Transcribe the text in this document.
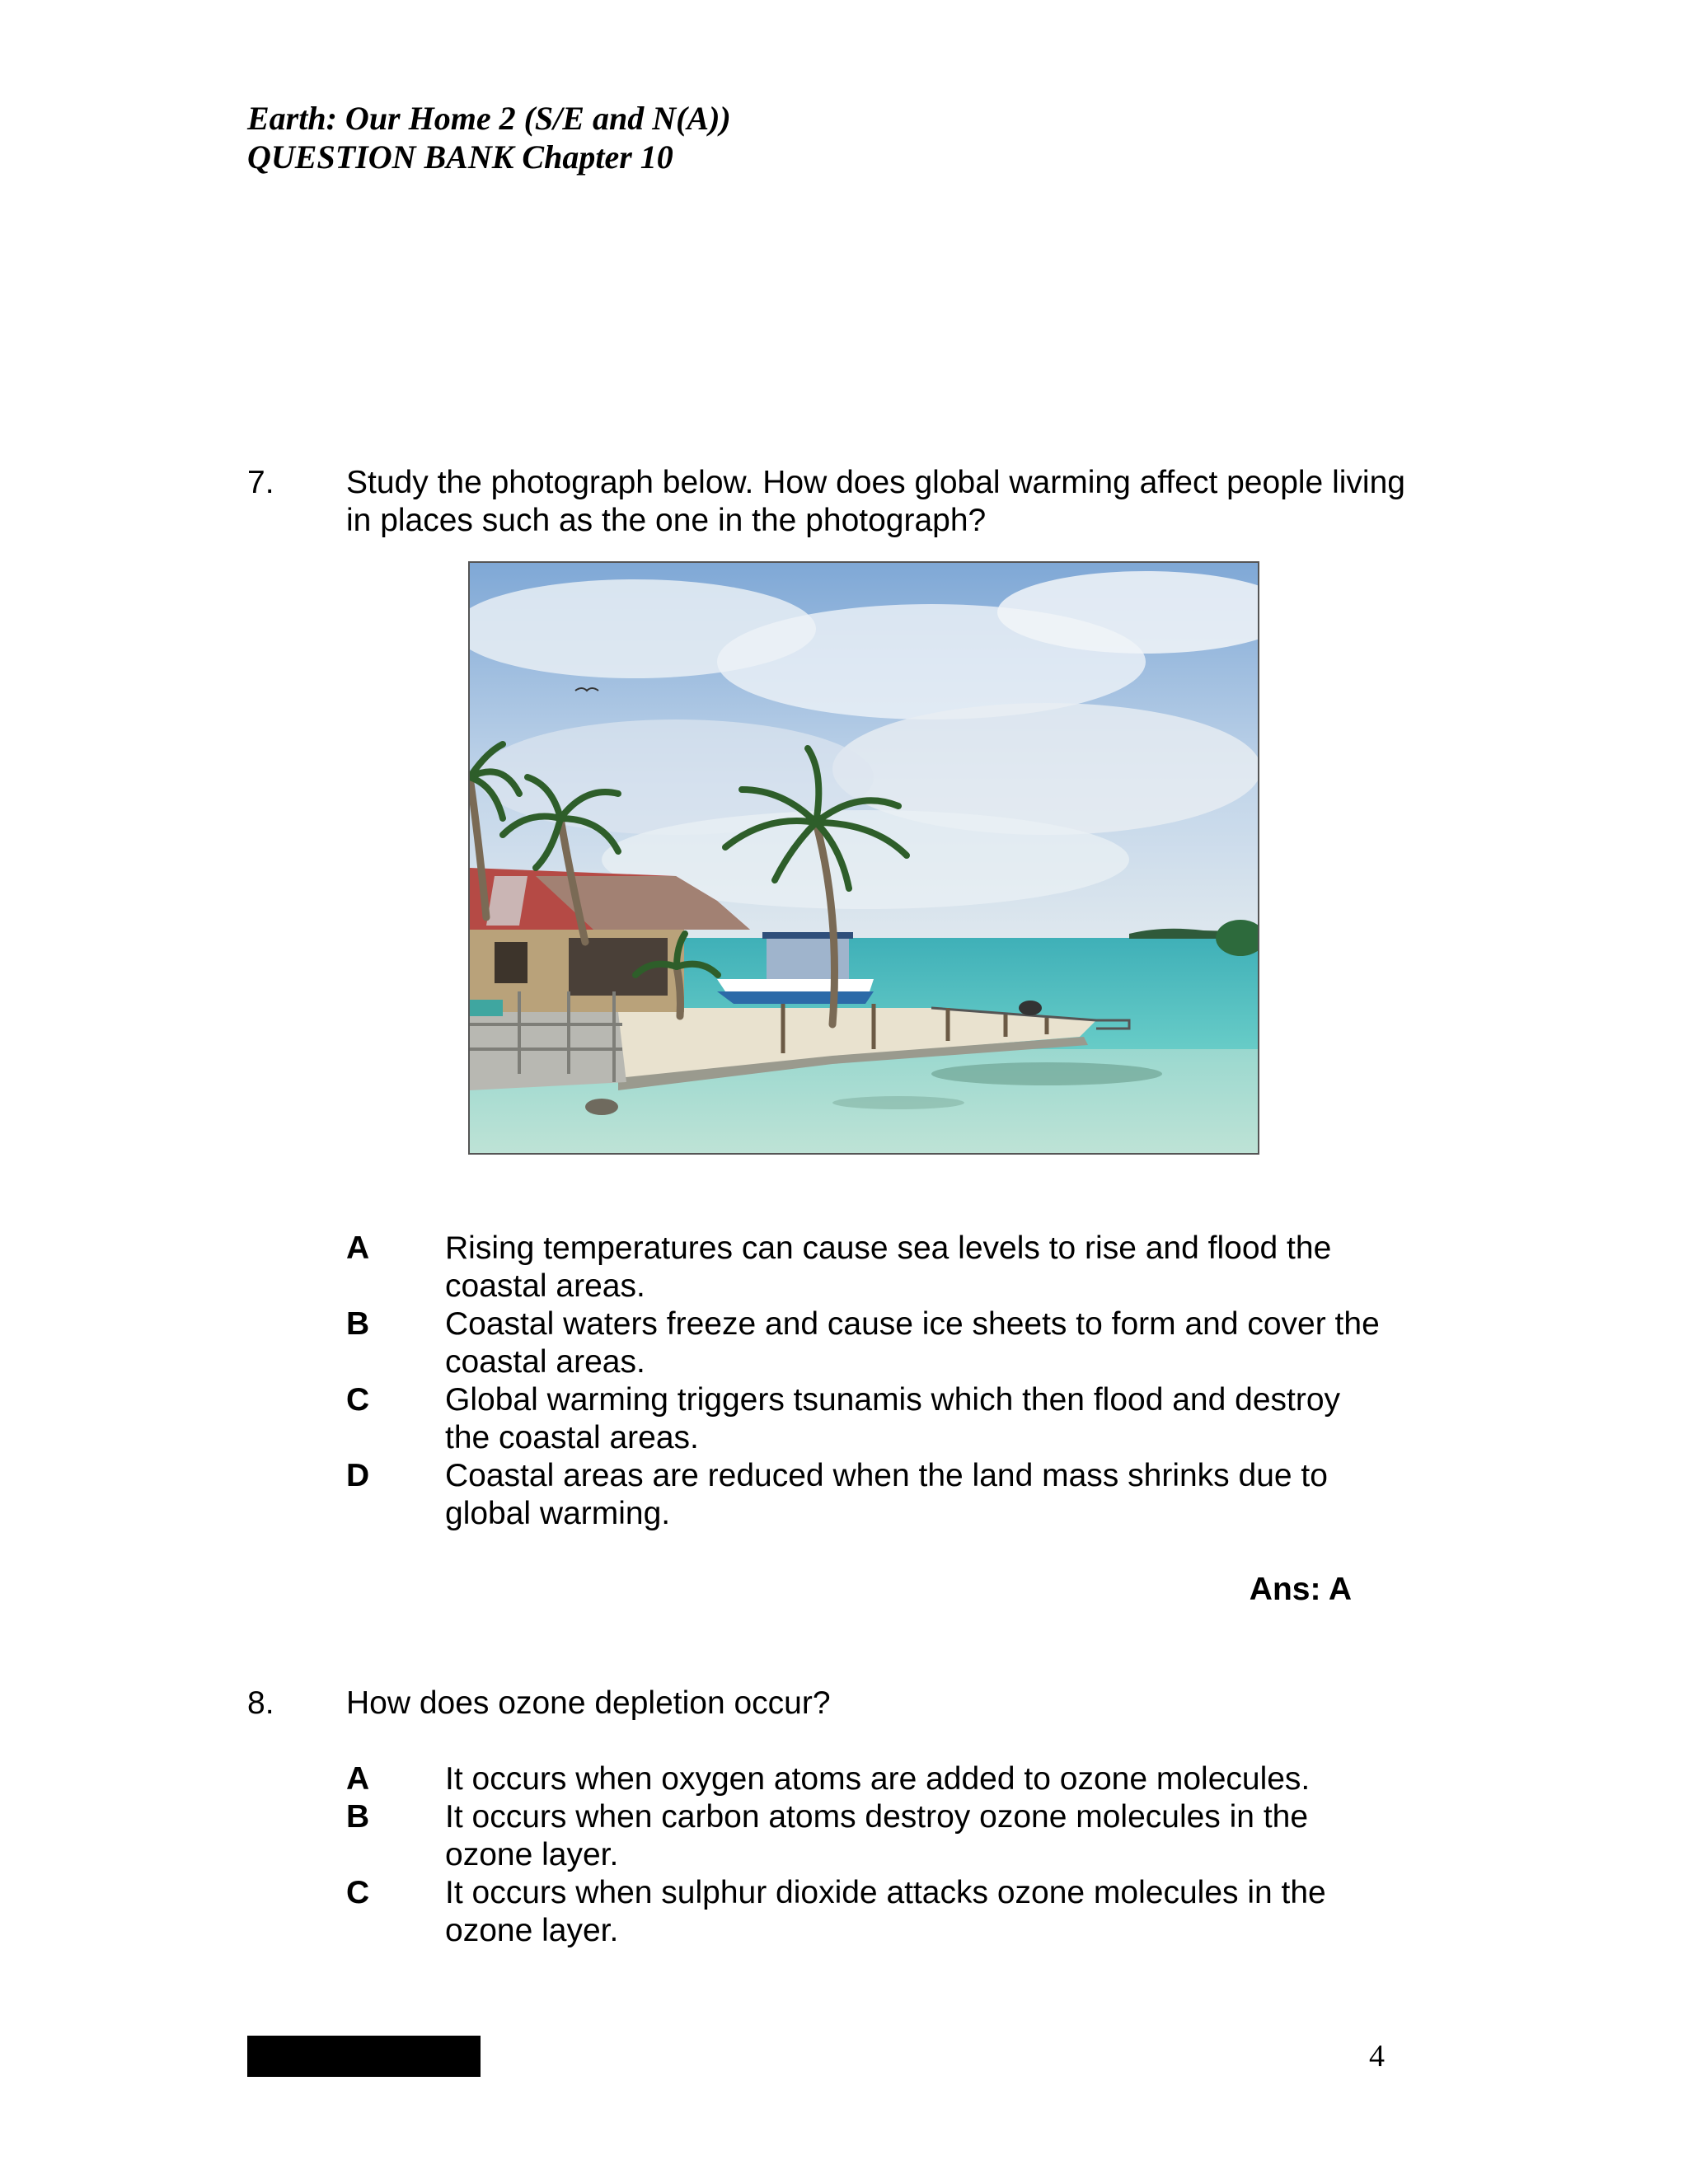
Earth: Our Home 2 (S/E and N(A))
QUESTION BANK Chapter 10
7. Study the photograph below. How does global warming affect people living in places such as the one in the photograph?
A Rising temperatures can cause sea levels to rise and flood the coastal areas.
B Coastal waters freeze and cause ice sheets to form and cover the coastal areas.
C Global warming triggers tsunamis which then flood and destroy the coastal areas.
D Coastal areas are reduced when the land mass shrinks due to global warming.
Ans: A
8. How does ozone depletion occur?
A It occurs when oxygen atoms are added to ozone molecules.
B It occurs when carbon atoms destroy ozone molecules in the ozone layer.
C It occurs when sulphur dioxide attacks ozone molecules in the ozone layer.
4
